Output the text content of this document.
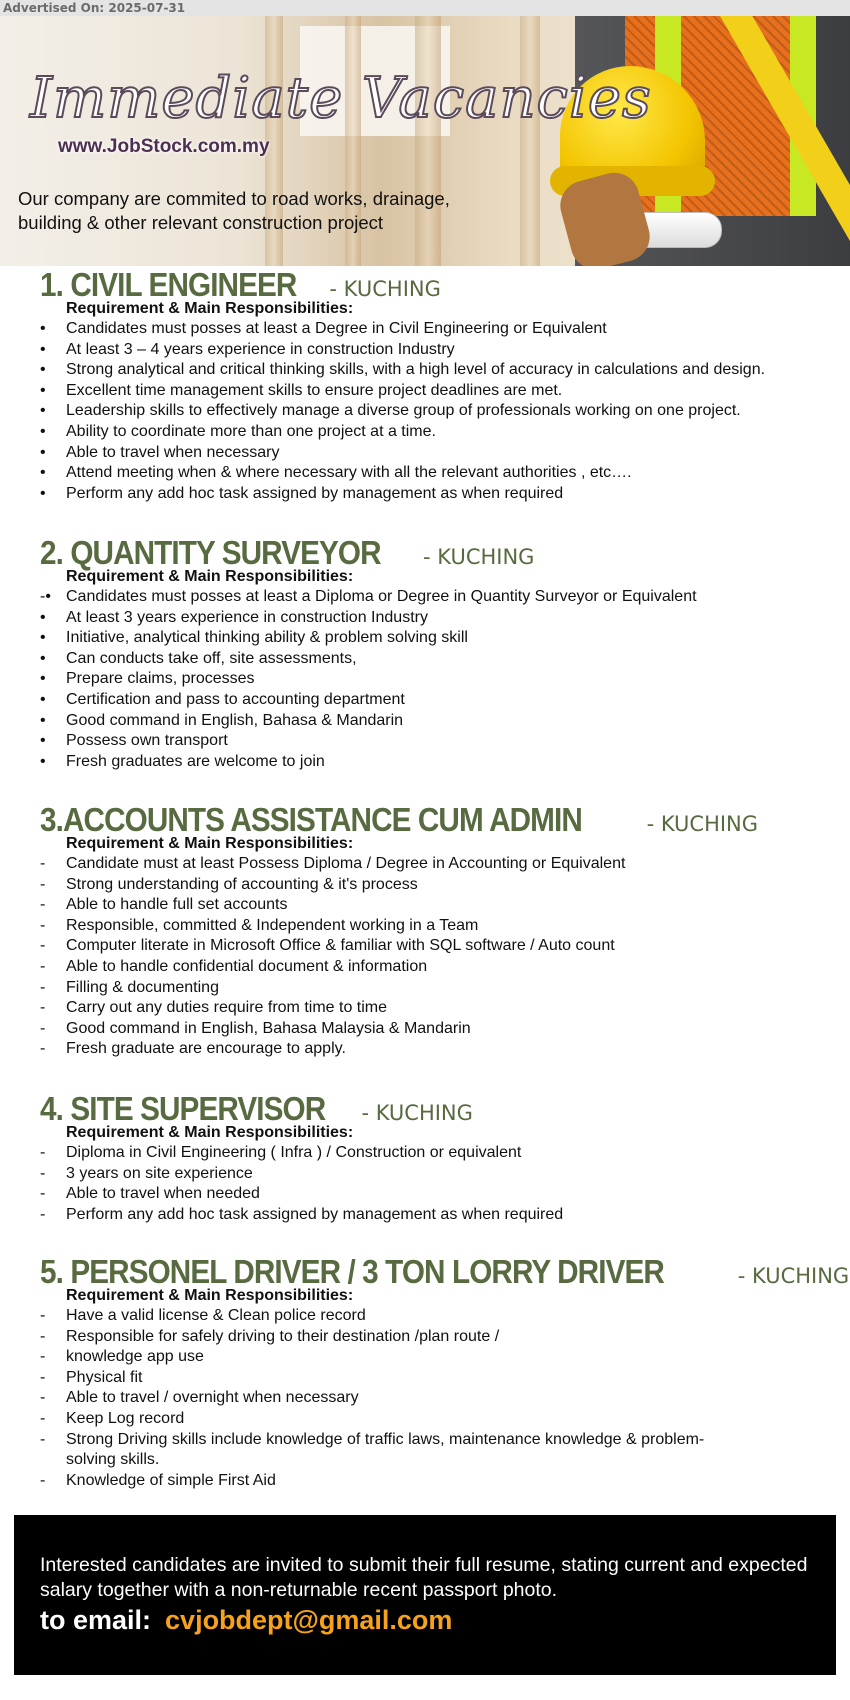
Advertised On: 2025-07-31
Immediate Vacancies
www.JobStock.com.my
Our company are commited to road works, drainage, building & other relevant construction project
1. CIVIL ENGINEER - KUCHING
Requirement & Main Responsibilities:
• Candidates must posses at least a Degree in Civil Engineering or Equivalent
• At least 3 – 4 years experience in construction Industry
• Strong analytical and critical thinking skills, with a high level of accuracy in calculations and design.
• Excellent time management skills to ensure project deadlines are met.
• Leadership skills to effectively manage a diverse group of professionals working on one project.
• Ability to coordinate more than one project at a time.
• Able to travel when necessary
• Attend meeting when & where necessary with all the relevant authorities , etc….
• Perform any add hoc task assigned by management as when required
2. QUANTITY SURVEYOR - KUCHING
Requirement & Main Responsibilities:
-• Candidates must posses at least a Diploma or Degree in Quantity Surveyor or Equivalent
• At least 3 years experience in construction Industry
• Initiative, analytical thinking ability & problem solving skill
• Can conducts take off, site assessments,
• Prepare claims, processes
• Certification and pass to accounting department
• Good command in English, Bahasa & Mandarin
• Possess own transport
• Fresh graduates are welcome to join
3.ACCOUNTS ASSISTANCE CUM ADMIN	- KUCHING
Requirement & Main Responsibilities:
- Candidate must at least Possess Diploma / Degree in Accounting or Equivalent
- Strong understanding of accounting & it's process
- Able to handle full set accounts
- Responsible, committed & Independent working in a Team
- Computer literate in Microsoft Office & familiar with SQL software / Auto count
- Able to handle confidential document & information
- Filling & documenting
- Carry out any duties require from time to time
- Good command in English, Bahasa Malaysia & Mandarin
- Fresh graduate are encourage to apply.
4. SITE SUPERVISOR - KUCHING
Requirement & Main Responsibilities:
- Diploma in Civil Engineering ( Infra ) / Construction or equivalent
- 3 years on site experience
- Able to travel when needed
- Perform any add hoc task assigned by management as when required
5. PERSONEL DRIVER / 3 TON LORRY DRIVER	- KUCHING
Requirement & Main Responsibilities:
- Have a valid license & Clean police record
- Responsible for safely driving to their destination /plan route /
- knowledge app use
- Physical fit
- Able to travel / overnight when necessary
- Keep Log record
- Strong Driving skills include knowledge of traffic laws, maintenance knowledge & problem-solving skills.
- Knowledge of simple First Aid
Interested candidates are invited to submit their full resume, stating current and expected salary together with a non-returnable recent passport photo.
to email: cvjobdept@gmail.com
